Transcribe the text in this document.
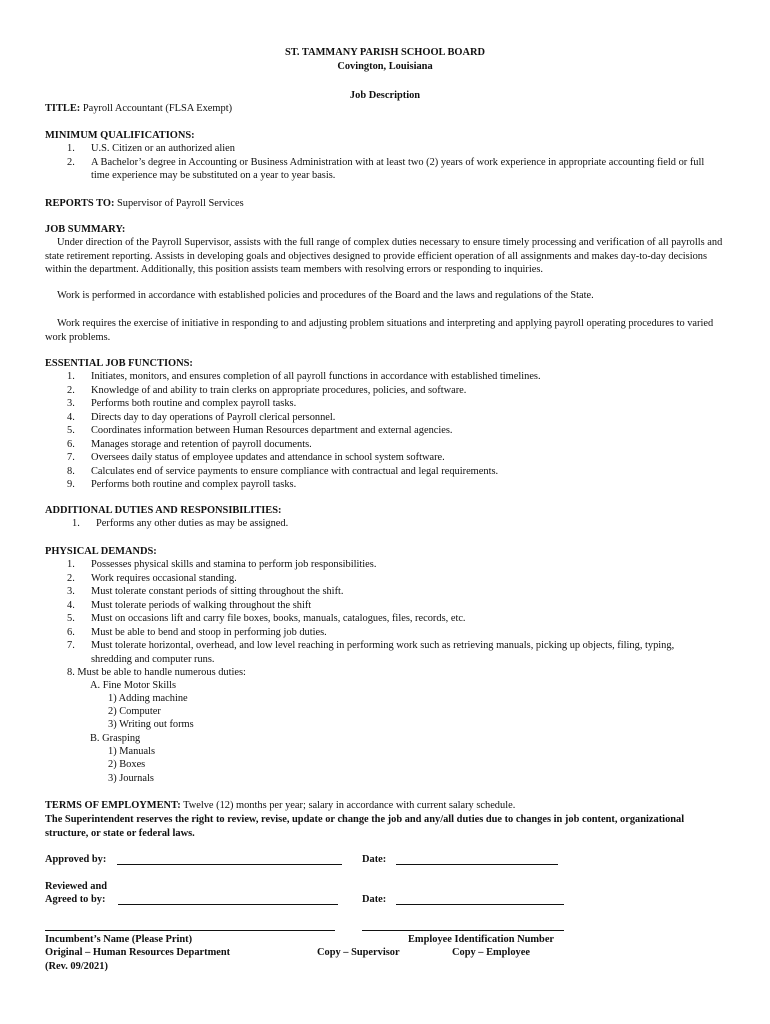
ST. TAMMANY PARISH SCHOOL BOARD
Covington, Louisiana
Job Description
TITLE: Payroll Accountant (FLSA Exempt)
MINIMUM QUALIFICATIONS:
1. U.S. Citizen or an authorized alien
2. A Bachelor’s degree in Accounting or Business Administration with at least two (2) years of work experience in appropriate accounting field or full time experience may be substituted on a year to year basis.
REPORTS TO: Supervisor of Payroll Services
JOB SUMMARY:
Under direction of the Payroll Supervisor, assists with the full range of complex duties necessary to ensure timely processing and verification of all payrolls and state retirement reporting. Assists in developing goals and objectives designed to provide efficient operation of all assignments and makes day-to-day decisions within the department. Additionally, this position assists team members with resolving errors or responding to inquiries.
Work is performed in accordance with established policies and procedures of the Board and the laws and regulations of the State.
Work requires the exercise of initiative in responding to and adjusting problem situations and interpreting and applying payroll operating procedures to varied work problems.
ESSENTIAL JOB FUNCTIONS:
1. Initiates, monitors, and ensures completion of all payroll functions in accordance with established timelines.
2. Knowledge of and ability to train clerks on appropriate procedures, policies, and software.
3. Performs both routine and complex payroll tasks.
4. Directs day to day operations of Payroll clerical personnel.
5. Coordinates information between Human Resources department and external agencies.
6. Manages storage and retention of payroll documents.
7. Oversees daily status of employee updates and attendance in school system software.
8. Calculates end of service payments to ensure compliance with contractual and legal requirements.
9. Performs both routine and complex payroll tasks.
ADDITIONAL DUTIES AND RESPONSIBILITIES:
1. Performs any other duties as may be assigned.
PHYSICAL DEMANDS:
1. Possesses physical skills and stamina to perform job responsibilities.
2. Work requires occasional standing.
3. Must tolerate constant periods of sitting throughout the shift.
4. Must tolerate periods of walking throughout the shift
5. Must on occasions lift and carry file boxes, books, manuals, catalogues, files, records, etc.
6. Must be able to bend and stoop in performing job duties.
7. Must tolerate horizontal, overhead, and low level reaching in performing work such as retrieving manuals, picking up objects, filing, typing, shredding and computer runs.
8. Must be able to handle numerous duties:
A. Fine Motor Skills
1) Adding machine
2) Computer
3) Writing out forms
B. Grasping
1) Manuals
2) Boxes
3) Journals
TERMS OF EMPLOYMENT: Twelve (12) months per year; salary in accordance with current salary schedule.
The Superintendent reserves the right to review, revise, update or change the job and any/all duties due to changes in job content, organizational structure, or state or federal laws.
Approved by:	Date:
Reviewed and
Agreed to by:	Date:
Incumbent’s Name (Please Print)	Employee Identification Number
Original – Human Resources Department	Copy – Supervisor	Copy – Employee
(Rev. 09/2021)
